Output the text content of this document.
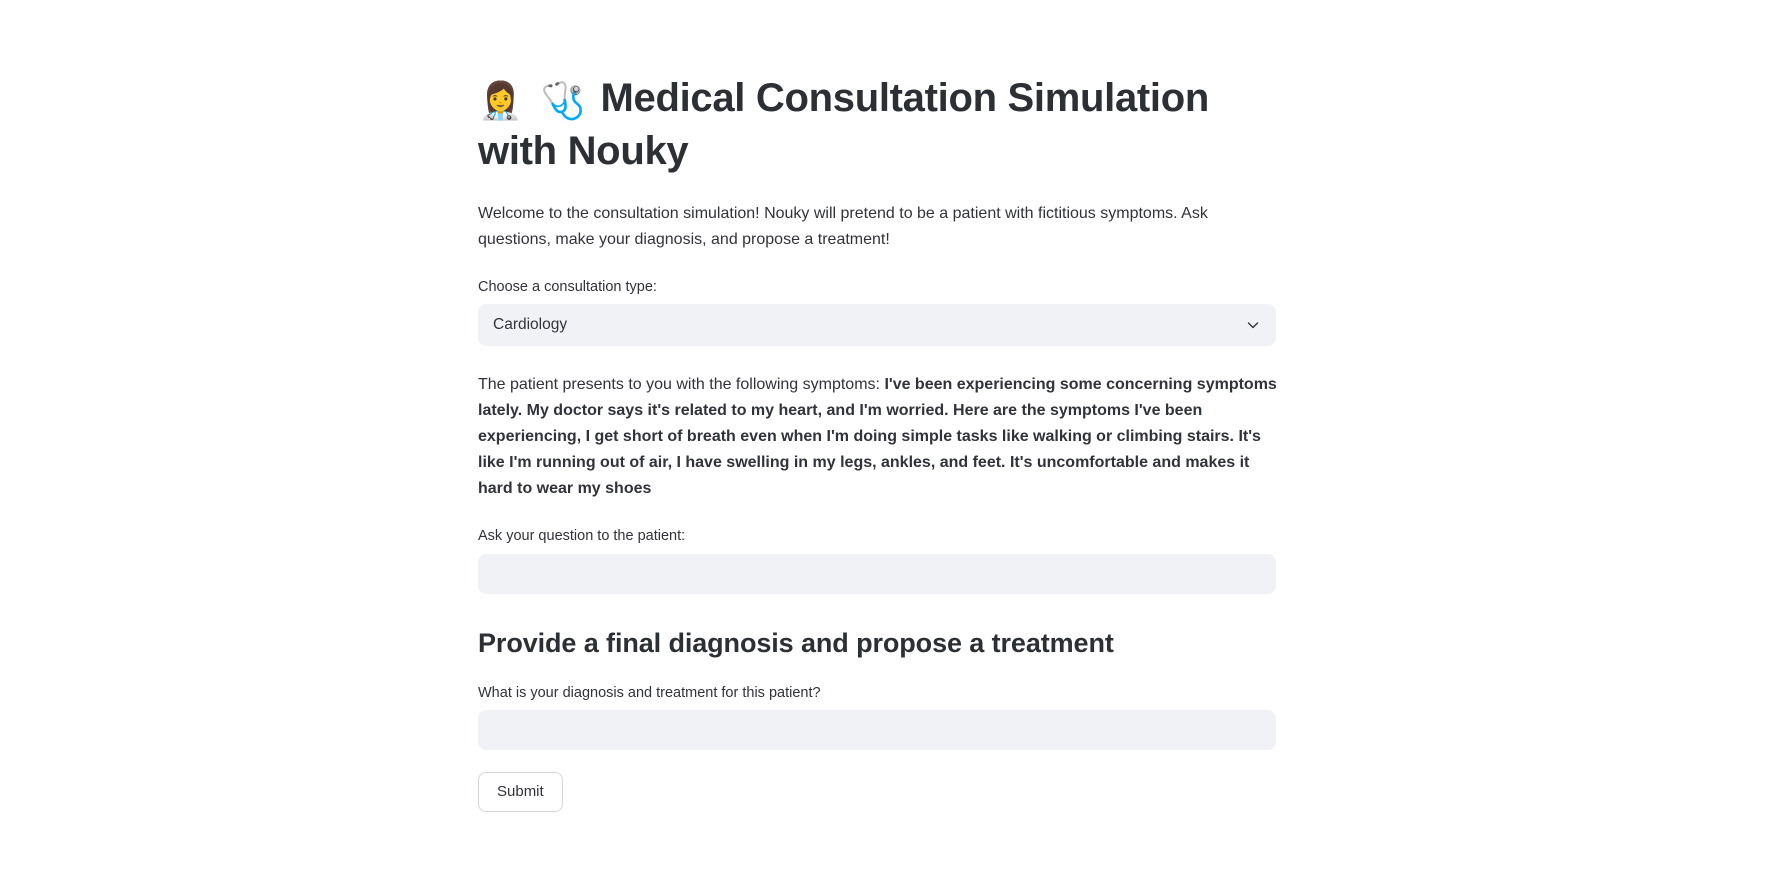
👩‍⚕️ 🩺 Medical Consultation Simulation with Nouky

Welcome to the consultation simulation! Nouky will pretend to be a patient with fictitious symptoms. Ask questions, make your diagnosis, and propose a treatment!

Choose a consultation type:
Cardiology

The patient presents to you with the following symptoms: I've been experiencing some concerning symptoms lately. My doctor says it's related to my heart, and I'm worried. Here are the symptoms I've been experiencing, I get short of breath even when I'm doing simple tasks like walking or climbing stairs. It's like I'm running out of air, I have swelling in my legs, ankles, and feet. It's uncomfortable and makes it hard to wear my shoes

Ask your question to the patient:
Provide a final diagnosis and propose a treatment
What is your diagnosis and treatment for this patient?
Submit
